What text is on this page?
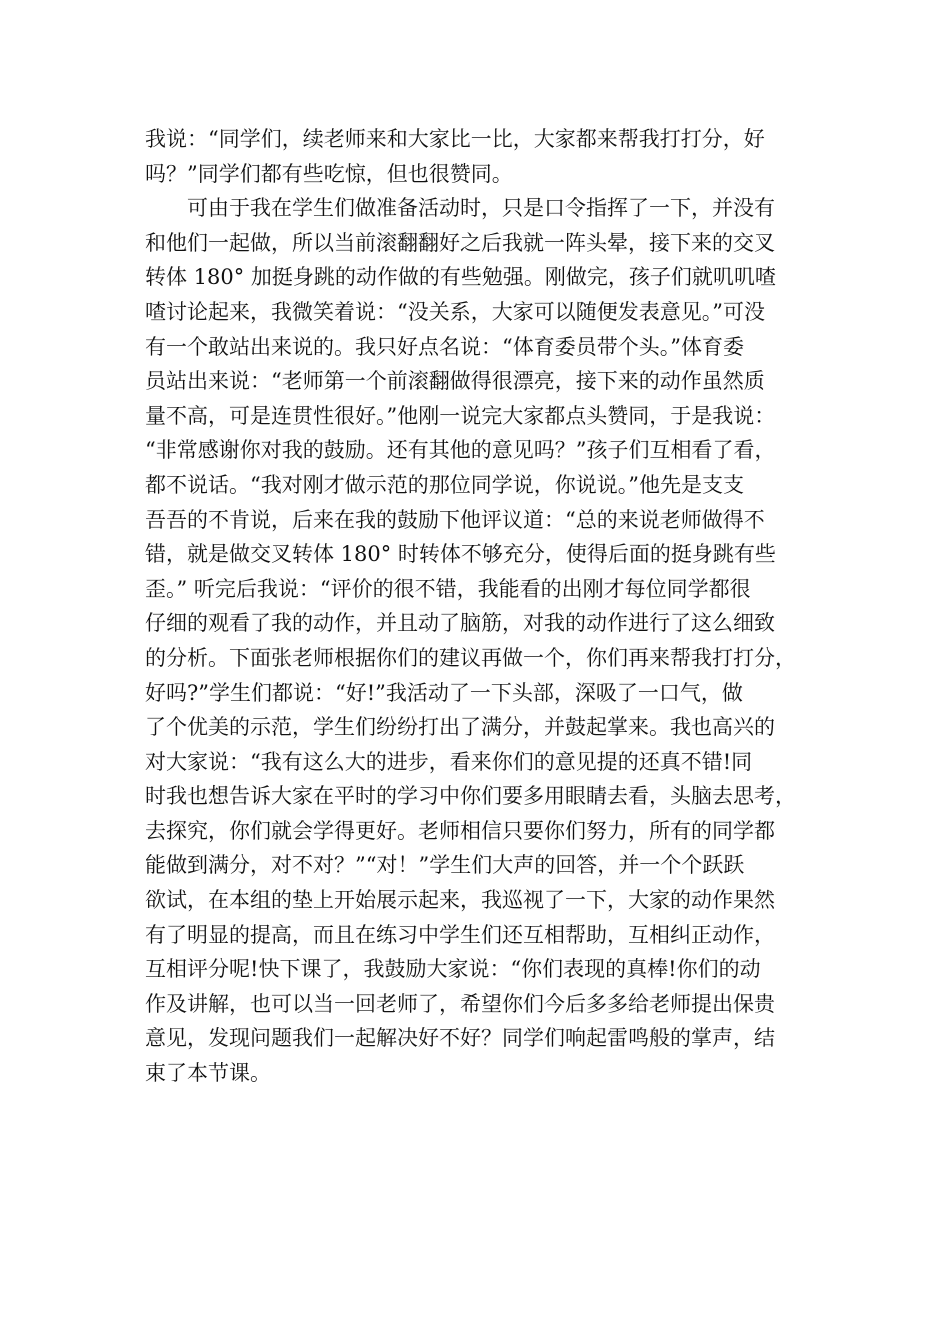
我说：“同学们，续老师来和大家比一比，大家都来帮我打打分，好
吗？”同学们都有些吃惊，但也很赞同。

可由于我在学生们做准备活动时，只是口令指挥了一下，并没有
和他们一起做，所以当前滚翻翻好之后我就一阵头晕，接下来的交叉
转体 180° 加挺身跳的动作做的有些勉强。刚做完，孩子们就叽叽喳
喳讨论起来，我微笑着说：“没关系，大家可以随便发表意见。”可没
有一个敢站出来说的。我只好点名说：“体育委员带个头。”体育委
员站出来说：“老师第一个前滚翻做得很漂亮，接下来的动作虽然质
量不高，可是连贯性很好。”他刚一说完大家都点头赞同，于是我说：
“非常感谢你对我的鼓励。还有其他的意见吗？”孩子们互相看了看，
都不说话。“我对刚才做示范的那位同学说，你说说。”他先是支支
吾吾的不肯说，后来在我的鼓励下他评议道：“总的来说老师做得不
错，就是做交叉转体 180° 时转体不够充分，使得后面的挺身跳有些
歪。” 听完后我说：“评价的很不错，我能看的出刚才每位同学都很
仔细的观看了我的动作，并且动了脑筋，对我的动作进行了这么细致
的分析。下面张老师根据你们的建议再做一个，你们再来帮我打打分，
好吗?”学生们都说：“好!”我活动了一下头部，深吸了一口气，做
了个优美的示范，学生们纷纷打出了满分，并鼓起掌来。我也高兴的
对大家说：“我有这么大的进步，看来你们的意见提的还真不错!同
时我也想告诉大家在平时的学习中你们要多用眼睛去看，头脑去思考，
去探究，你们就会学得更好。老师相信只要你们努力，所有的同学都
能做到满分，对不对？”“对！”学生们大声的回答，并一个个跃跃
欲试，在本组的垫上开始展示起来，我巡视了一下，大家的动作果然
有了明显的提高，而且在练习中学生们还互相帮助，互相纠正动作，
互相评分呢!快下课了，我鼓励大家说：“你们表现的真棒!你们的动
作及讲解，也可以当一回老师了，希望你们今后多多给老师提出保贵
意见，发现问题我们一起解决好不好？同学们响起雷鸣般的掌声，结
束了本节课。
